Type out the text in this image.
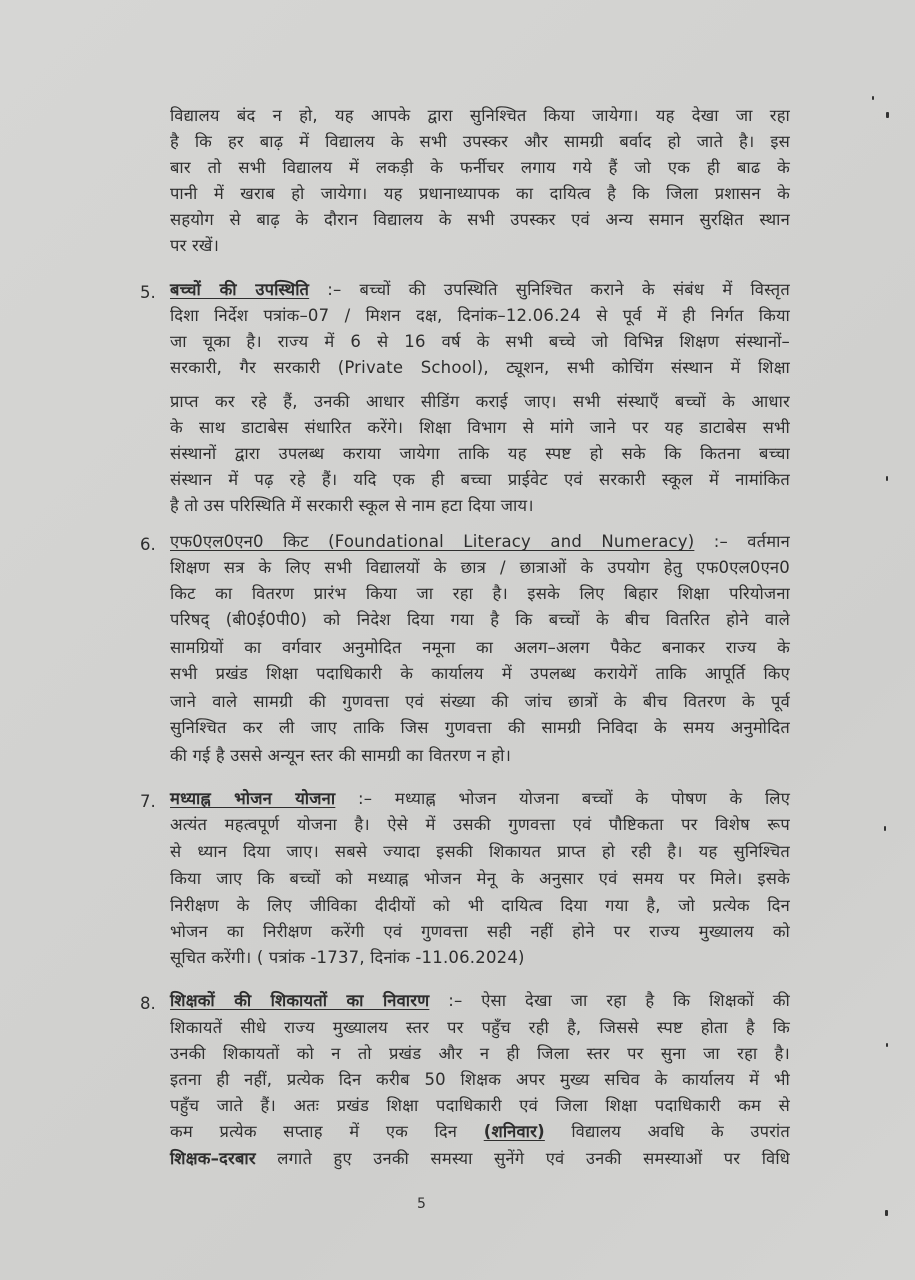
विद्यालय बंद न हो, यह आपके द्वारा सुनिश्चित किया जायेगा। यह देखा जा रहा
है कि हर बाढ़ में विद्यालय के सभी उपस्कर और सामग्री बर्वाद हो जाते है। इस
बार तो सभी विद्यालय में लकड़ी के फर्नीचर लगाय गये हैं जो एक ही बाढ के
पानी में खराब हो जायेगा। यह प्रधानाध्यापक का दायित्व है कि जिला प्रशासन के
सहयोग से बाढ़ के दौरान विद्यालय के सभी उपस्कर एवं अन्य समान सुरक्षित स्थान
पर रखें।
5. बच्चों की उपस्थिति :– बच्चों की उपस्थिति सुनिश्चित कराने के संबंध में विस्तृत
दिशा निर्देश पत्रांक–07 / मिशन दक्ष, दिनांक–12.06.24 से पूर्व में ही निर्गत किया
जा चूका है। राज्य में 6 से 16 वर्ष के सभी बच्चे जो विभिन्न शिक्षण संस्थानों–
सरकारी, गैर सरकारी (Private School), ट्यूशन, सभी कोचिंग संस्थान में शिक्षा
प्राप्त कर रहे हैं, उनकी आधार सीडिंग कराई जाए। सभी संस्थाएँ बच्चों के आधार
के साथ डाटाबेस संधारित करेंगे। शिक्षा विभाग से मांगे जाने पर यह डाटाबेस सभी
संस्थानों द्वारा उपलब्ध कराया जायेगा ताकि यह स्पष्ट हो सके कि कितना बच्चा
संस्थान में पढ़ रहे हैं। यदि एक ही बच्चा प्राईवेट एवं सरकारी स्कूल में नामांकित
है तो उस परिस्थिति में सरकारी स्कूल से नाम हटा दिया जाय।
6. एफ0एल0एन0 किट (Foundational Literacy and Numeracy) :– वर्तमान
शिक्षण सत्र के लिए सभी विद्यालयों के छात्र / छात्राओं के उपयोग हेतु एफ0एल0एन0
किट का वितरण प्रारंभ किया जा रहा है। इसके लिए बिहार शिक्षा परियोजना
परिषद् (बी0ई0पी0) को निदेश दिया गया है कि बच्चों के बीच वितरित होने वाले
सामग्रियों का वर्गवार अनुमोदित नमूना का अलग–अलग पैकेट बनाकर राज्य के
सभी प्रखंड शिक्षा पदाधिकारी के कार्यालय में उपलब्ध करायेगें ताकि आपूर्ति किए
जाने वाले सामग्री की गुणवत्ता एवं संख्या की जांच छात्रों के बीच वितरण के पूर्व
सुनिश्चित कर ली जाए ताकि जिस गुणवत्ता की सामग्री निविदा के समय अनुमोदित
की गई है उससे अन्यून स्तर की सामग्री का वितरण न हो।
7. मध्याह्न भोजन योजना :– मध्याह्न भोजन योजना बच्चों के पोषण के लिए
अत्यंत महत्वपूर्ण योजना है। ऐसे में उसकी गुणवत्ता एवं पौष्टिकता पर विशेष रूप
से ध्यान दिया जाए। सबसे ज्यादा इसकी शिकायत प्राप्त हो रही है। यह सुनिश्चित
किया जाए कि बच्चों को मध्याह्न भोजन मेनू के अनुसार एवं समय पर मिले। इसके
निरीक्षण के लिए जीविका दीदीयों को भी दायित्व दिया गया है, जो प्रत्येक दिन
भोजन का निरीक्षण करेंगी एवं गुणवत्ता सही नहीं होने पर राज्य मुख्यालय को
सूचित करेंगी। ( पत्रांक -1737, दिनांक -11.06.2024)
8. शिक्षकों की शिकायतों का निवारण :– ऐसा देखा जा रहा है कि शिक्षकों की
शिकायतें सीधे राज्य मुख्यालय स्तर पर पहुँच रही है, जिससे स्पष्ट होता है कि
उनकी शिकायतों को न तो प्रखंड और न ही जिला स्तर पर सुना जा रहा है।
इतना ही नहीं, प्रत्येक दिन करीब 50 शिक्षक अपर मुख्य सचिव के कार्यालय में भी
पहुँच जाते हैं। अतः प्रखंड शिक्षा पदाधिकारी एवं जिला शिक्षा पदाधिकारी कम से
कम प्रत्येक सप्ताह में एक दिन (शनिवार) विद्यालय अवधि के उपरांत
शिक्षक–दरबार लगाते हुए उनकी समस्या सुनेंगे एवं उनकी समस्याओं पर विधि
5
